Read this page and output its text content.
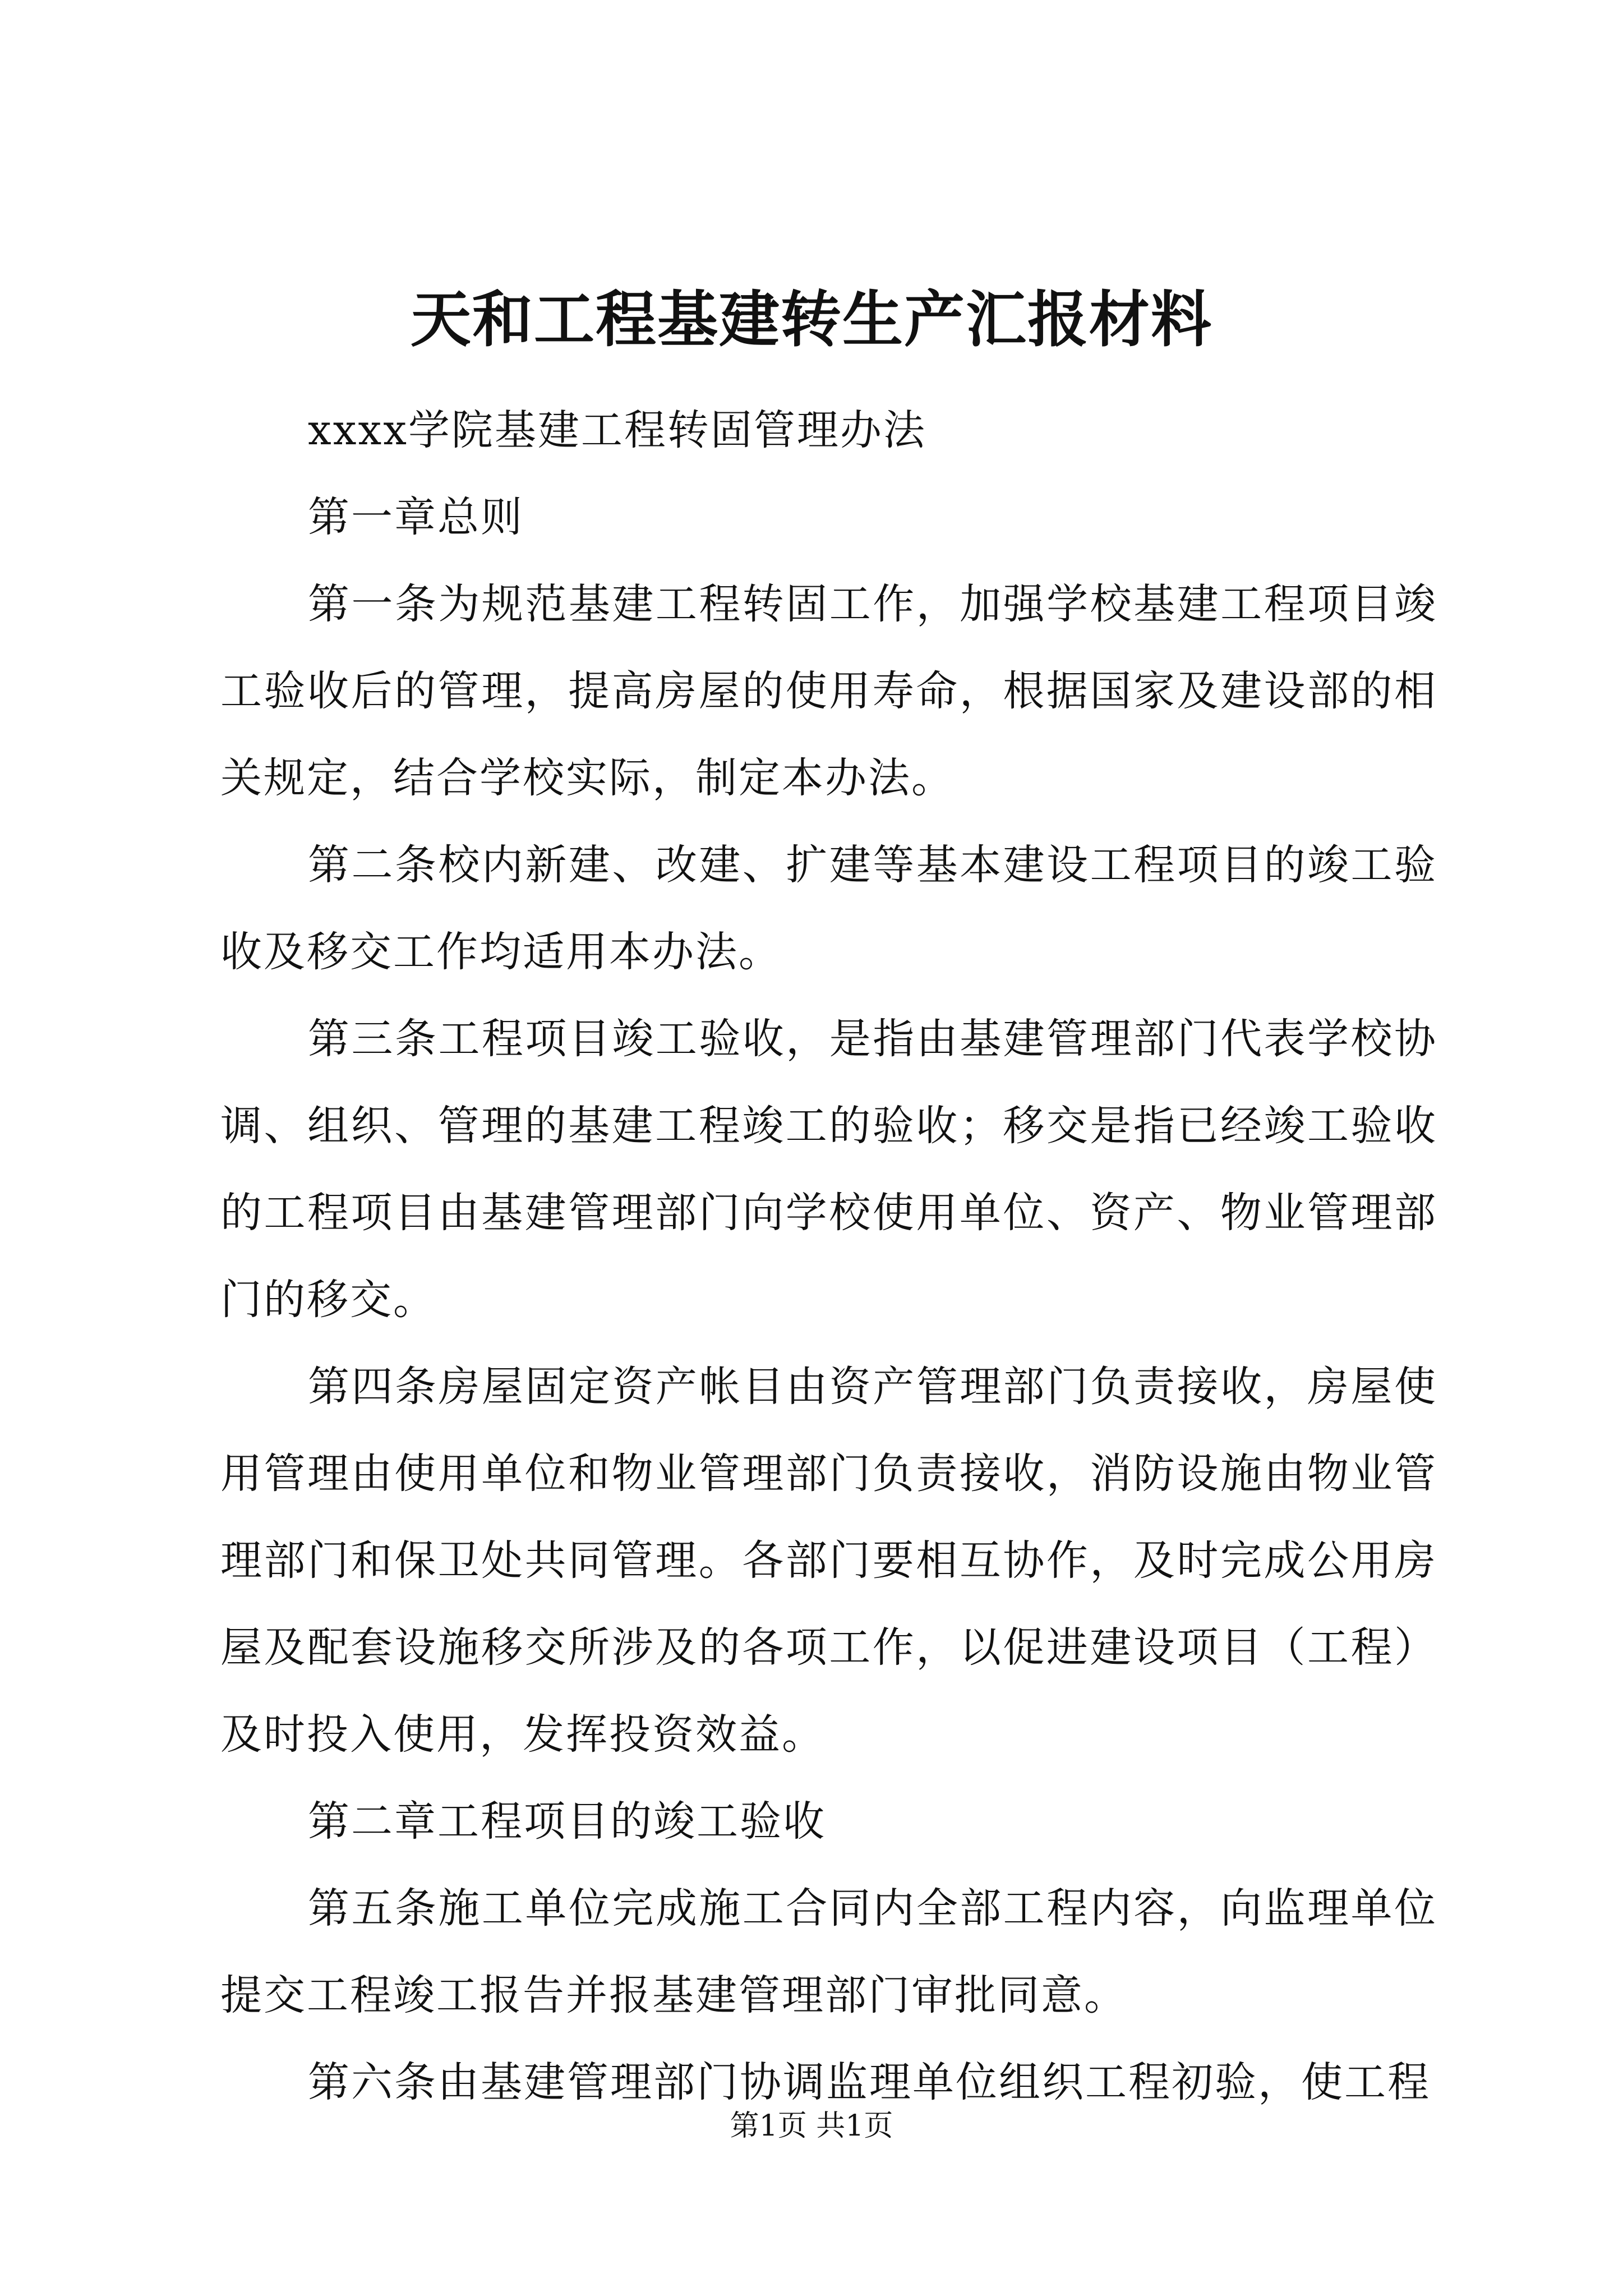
天和工程基建转生产汇报材料

xxxx学院基建工程转固管理办法

第一章总则

第一条为规范基建工程转固工作，加强学校基建工程项目竣工验收后的管理，提高房屋的使用寿命，根据国家及建设部的相关规定，结合学校实际，制定本办法。

第二条校内新建、改建、扩建等基本建设工程项目的竣工验收及移交工作均适用本办法。

第三条工程项目竣工验收，是指由基建管理部门代表学校协调、组织、管理的基建工程竣工的验收；移交是指已经竣工验收的工程项目由基建管理部门向学校使用单位、资产、物业管理部门的移交。

第四条房屋固定资产帐目由资产管理部门负责接收，房屋使用管理由使用单位和物业管理部门负责接收，消防设施由物业管理部门和保卫处共同管理。各部门要相互协作，及时完成公用房屋及配套设施移交所涉及的各项工作，以促进建设项目（工程）及时投入使用，发挥投资效益。

第二章工程项目的竣工验收

第五条施工单位完成施工合同内全部工程内容，向监理单位提交工程竣工报告并报基建管理部门审批同意。

第六条由基建管理部门协调监理单位组织工程初验，使工程

第1页 共1页
